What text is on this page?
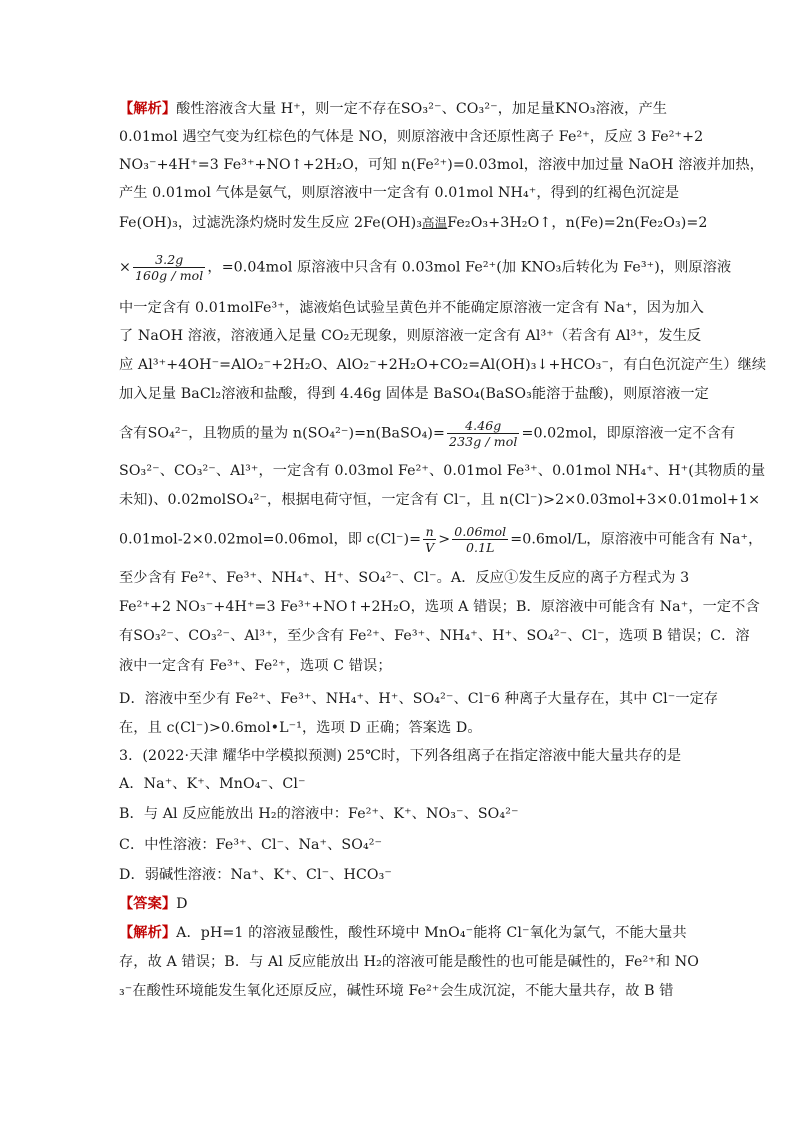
【解析】酸性溶液含大量 H⁺，则一定不存在SO₃²⁻、CO₃²⁻，加足量KNO₃溶液，产生
0.01mol 遇空气变为红棕色的气体是 NO，则原溶液中含还原性离子 Fe²⁺，反应 3 Fe²⁺+2
NO₃⁻+4H⁺=3 Fe³⁺+NO↑+2H₂O，可知 n(Fe²⁺)=0.03mol，溶液中加过量 NaOH 溶液并加热，
产生 0.01mol 气体是氨气，则原溶液中一定含有 0.01mol NH₄⁺，得到的红褐色沉淀是
Fe(OH)₃，过滤洗涤灼烧时发生反应 2Fe(OH)₃ 高温 Fe₂O₃+3H₂O↑，n(Fe)=2n(Fe₂O₃)=2
× $\frac{3.2g}{\text{160g / mol}}$ ，=0.04mol 原溶液中只含有 0.03mol Fe²⁺(加 KNO₃后转化为 Fe³⁺)，则原溶液
中一定含有 0.01molFe³⁺，滤液焰色试验呈黄色并不能确定原溶液一定含有 Na⁺，因为加入
了 NaOH 溶液，溶液通入足量 CO₂无现象，则原溶液一定含有 Al³⁺（若含有 Al³⁺，发生反
应 Al³⁺+4OH⁻=AlO₂⁻+2H₂O、AlO₂⁻+2H₂O+CO₂=Al(OH)₃↓+HCO₃⁻，有白色沉淀产生）继续
加入足量 BaCl₂溶液和盐酸，得到 4.46g 固体是 BaSO₄(BaSO₃能溶于盐酸)，则原溶液一定
含有SO₄²⁻，且物质的量为 n(SO₄²⁻)=n(BaSO₄)= $\frac{4.46g}{\text{233g / mol}} =0.02mol$，即原溶液一定不含有
SO₃²⁻、CO₃²⁻、Al³⁺，一定含有 0.03mol Fe²⁺、0.01mol Fe³⁺、0.01mol NH₄⁺、H⁺(其物质的量
未知)、0.02molSO₄²⁻，根据电荷守恒，一定含有 Cl⁻，且 n(Cl⁻)>2×0.03mol+3×0.01mol+1×
0.01mol-2×0.02mol=0.06mol，即 $c(Cl^-)= \frac{n}{V} > \frac{\text{0.06mol}}{0.1L} =0.6mol/L$，原溶液中可能含有 Na⁺，
至少含有 Fe²⁺、Fe³⁺、NH₄⁺、H⁺、SO₄²⁻、Cl⁻。A．反应①发生反应的离子方程式为 3
Fe²⁺+2 NO₃⁻+4H⁺=3 Fe³⁺+NO↑+2H₂O，选项 A 错误；B．原溶液中可能含有 Na⁺，一定不含
有SO₃²⁻、CO₃²⁻、Al³⁺，至少含有 Fe²⁺、Fe³⁺、NH₄⁺、H⁺、SO₄²⁻、Cl⁻，选项 B 错误；C．溶
液中一定含有 Fe³⁺、Fe²⁺，选项 C 错误；
D．溶液中至少有 Fe²⁺、Fe³⁺、NH₄⁺、H⁺、SO₄²⁻、Cl⁻6 种离子大量存在，其中 Cl⁻一定存
在，且 c(Cl⁻)>0.6mol•L⁻¹，选项 D 正确；答案选 D。
3．(2022·天津 耀华中学模拟预测) 25℃时，下列各组离子在指定溶液中能大量共存的是
A．Na⁺、K⁺、MnO₄⁻、Cl⁻
B．与 Al 反应能放出 H₂的溶液中：Fe²⁺、K⁺、NO₃⁻、SO₄²⁻
C．中性溶液：Fe³⁺、Cl⁻、Na⁺、SO₄²⁻
D．弱碱性溶液：Na⁺、K⁺、Cl⁻、HCO₃⁻
【答案】D
【解析】A．pH=1 的溶液显酸性，酸性环境中 MnO₄⁻能将 Cl⁻氧化为氯气，不能大量共
存，故 A 错误；B．与 Al 反应能放出 H₂的溶液可能是酸性的也可能是碱性的，Fe²⁺和 NO
₃⁻在酸性环境能发生氧化还原反应，碱性环境 Fe²⁺会生成沉淀，不能大量共存，故 B 错
